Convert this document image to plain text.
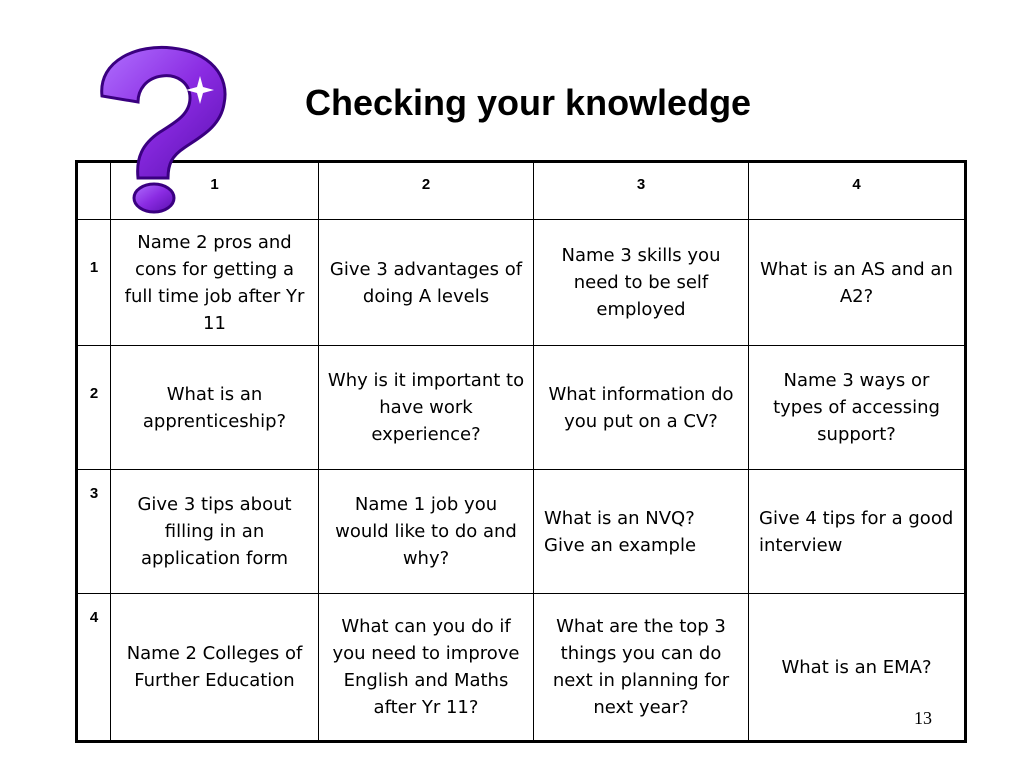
Checking your knowledge
	1	2	3	4
1	Name 2 pros and cons for getting a full time job after Yr 11	Give 3 advantages of doing A levels	Name 3 skills you need to be self employed	What is an AS and an A2?
2	What is an apprenticeship?	Why is it important to have work experience?	What information do you put on a CV?	Name 3 ways or types of accessing support?
3	Give 3 tips about filling in an application form	Name 1 job you would like to do and why?	What is an NVQ? Give an example	Give 4 tips for a good interview
4	Name 2 Colleges of Further Education	What can you do if you need to improve English and Maths after Yr 11?	What are the top 3 things you can do next in planning for next year?	What is an EMA?
13
